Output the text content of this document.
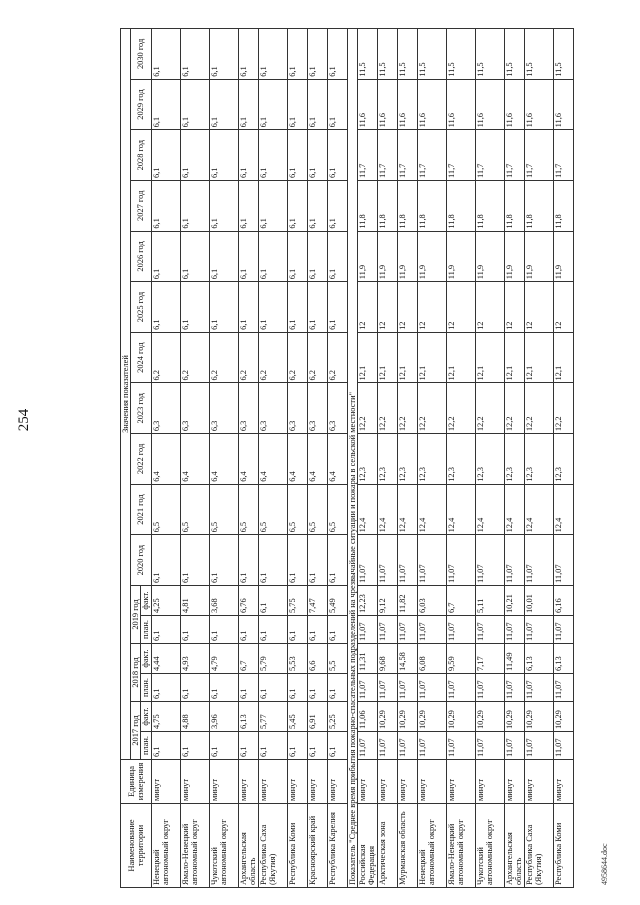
254
4958644.doc
Наименование территории	Единица измерения	Значения показателей																
		2017 год		2018 год		2019 год		2020 год	2021 год	2022 год	2023 год	2024 год	2025 год	2026 год	2027 год	2028 год	2029 год	2030 год
		план.	факт.	план.	факт.	план.	факт.											
Ненецкий автономный округ	минут	6,1	4,75	6,1	4,44	6,1	4,25	6,1	6,5	6,4	6,3	6,2	6,1	6,1	6,1	6,1	6,1	6,1
Ямало-Ненецкий автономный округ	минут	6,1	4,88	6,1	4,93	6,1	4,81	6,1	6,5	6,4	6,3	6,2	6,1	6,1	6,1	6,1	6,1	6,1
Чукотский автономный округ	минут	6,1	3,96	6,1	4,79	6,1	3,68	6,1	6,5	6,4	6,3	6,2	6,1	6,1	6,1	6,1	6,1	6,1
Архангельская область	минут	6,1	6,13	6,1	6,7	6,1	6,76	6,1	6,5	6,4	6,3	6,2	6,1	6,1	6,1	6,1	6,1	6,1
Республика Саха (Якутия)	минут	6,1	5,77	6,1	5,79	6,1	6,1	6,1	6,5	6,4	6,3	6,2	6,1	6,1	6,1	6,1	6,1	6,1
Республика Коми	минут	6,1	5,45	6,1	5,53	6,1	5,75	6,1	6,5	6,4	6,3	6,2	6,1	6,1	6,1	6,1	6,1	6,1
Красноярский край	минут	6,1	6,91	6,1	6,6	6,1	7,47	6,1	6,5	6,4	6,3	6,2	6,1	6,1	6,1	6,1	6,1	6,1
Республика Карелия	минут	6,1	5,25	6,1	5,5	6,1	5,49	6,1	6,5	6,4	6,3	6,2	6,1	6,1	6,1	6,1	6,1	6,1
Показатель "Среднее время прибытия пожарно-спасательных подразделений на чрезвычайные ситуации и пожары в сельской местности"																		
Российская Федерация	минут	11,07	11,06	11,07	11,31	11,07	12,23	11,07	12,4	12,3	12,2	12,1	12	11,9	11,8	11,7	11,6	11,5
Арктическая зона	минут	11,07	10,29	11,07	9,68	11,07	9,12	11,07	12,4	12,3	12,2	12,1	12	11,9	11,8	11,7	11,6	11,5
Мурманская область	минут	11,07	10,29	11,07	14,58	11,07	11,82	11,07	12,4	12,3	12,2	12,1	12	11,9	11,8	11,7	11,6	11,5
Ненецкий автономный округ	минут	11,07	10,29	11,07	6,08	11,07	6,03	11,07	12,4	12,3	12,2	12,1	12	11,9	11,8	11,7	11,6	11,5
Ямало-Ненецкий автономный округ	минут	11,07	10,29	11,07	9,59	11,07	6,7	11,07	12,4	12,3	12,2	12,1	12	11,9	11,8	11,7	11,6	11,5
Чукотский автономный округ	минут	11,07	10,29	11,07	7,17	11,07	5,11	11,07	12,4	12,3	12,2	12,1	12	11,9	11,8	11,7	11,6	11,5
Архангельская область	минут	11,07	10,29	11,07	11,49	11,07	10,21	11,07	12,4	12,3	12,2	12,1	12	11,9	11,8	11,7	11,6	11,5
Республика Саха (Якутия)	минут	11,07	10,29	11,07	6,13	11,07	10,01	11,07	12,4	12,3	12,2	12,1	12	11,9	11,8	11,7	11,6	11,5
Республика Коми	минут	11,07	10,29	11,07	6,13	11,07	6,16	11,07	12,4	12,3	12,2	12,1	12	11,9	11,8	11,7	11,6	11,5
